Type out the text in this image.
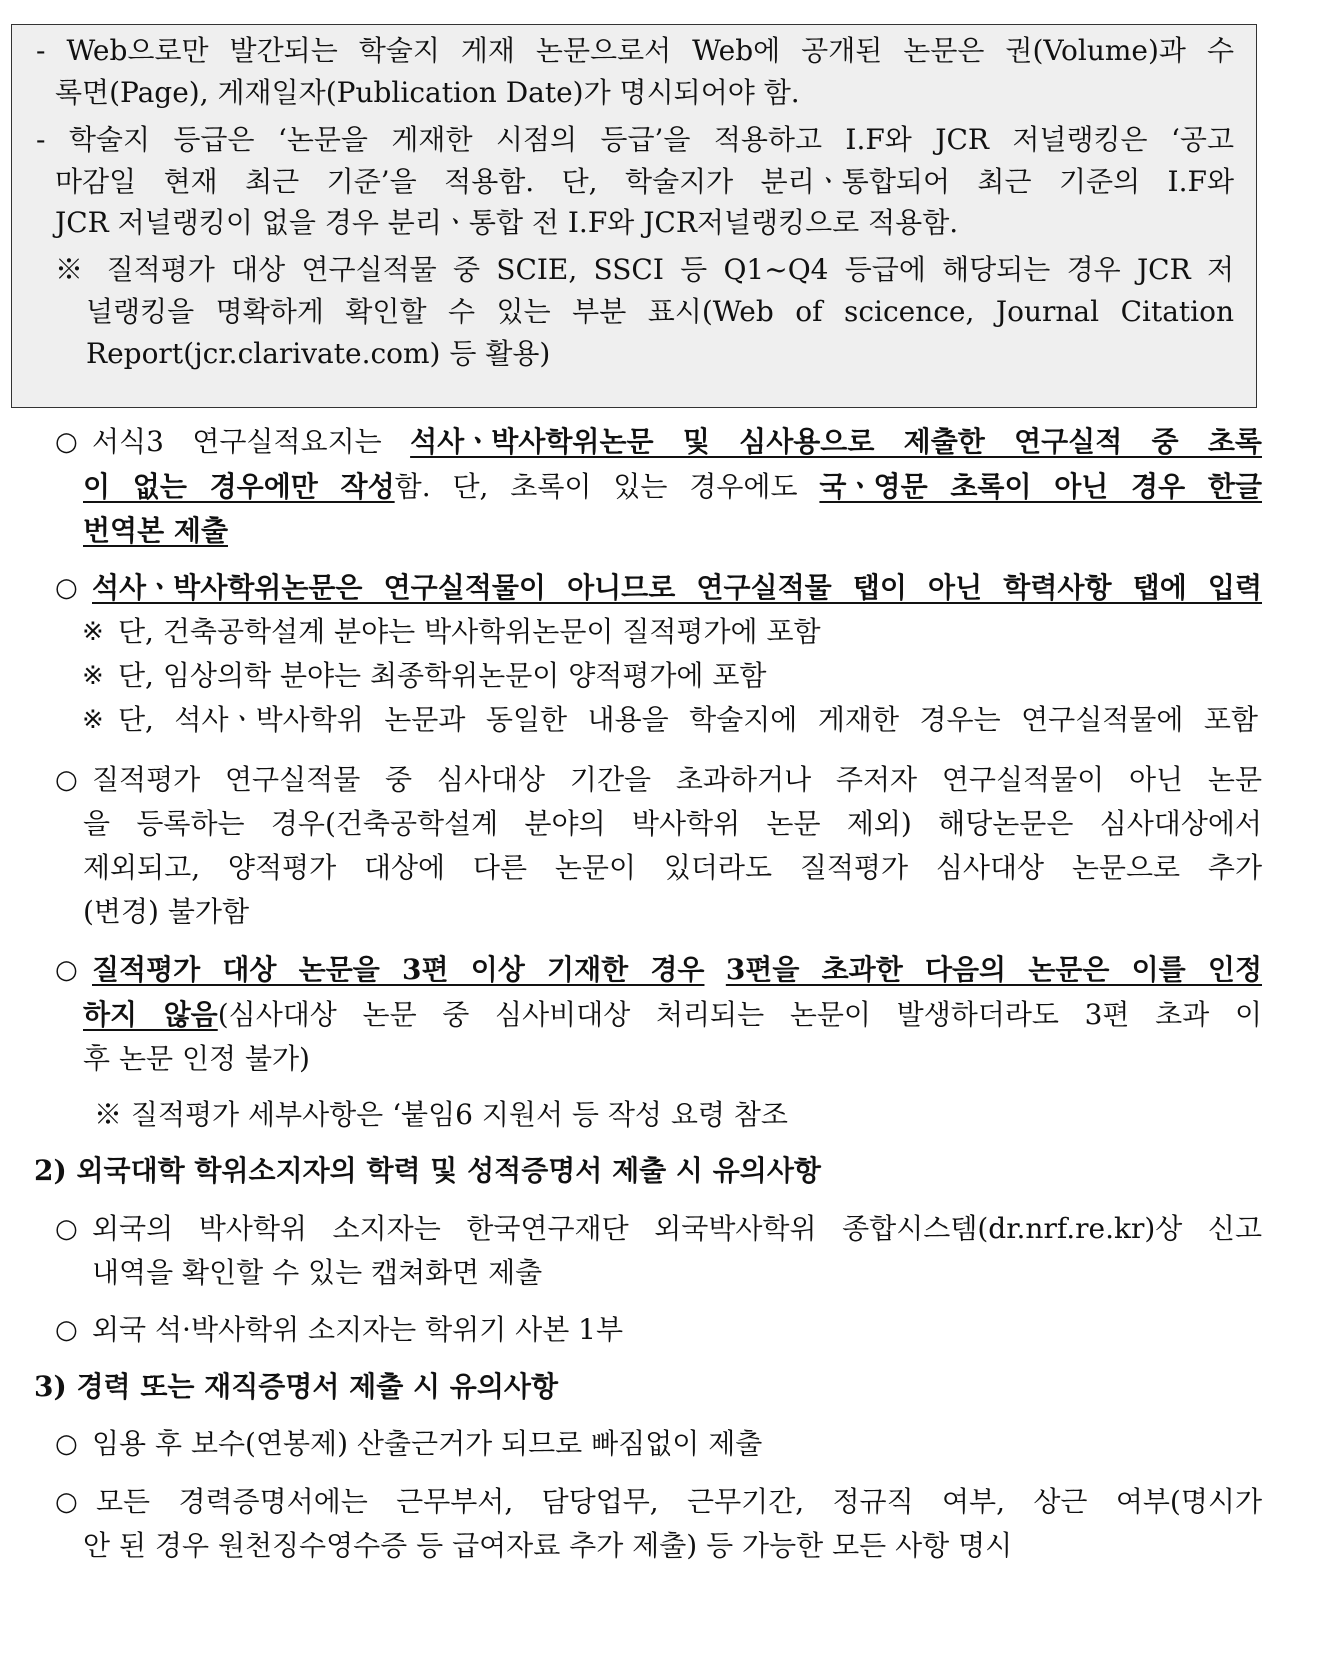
- Web으로만 발간되는 학술지 게재 논문으로서 Web에 공개된 논문은 권(Volume)과 수
록면(Page), 게재일자(Publication Date)가 명시되어야 함.
- 학술지 등급은 ‘논문을 게재한 시점의 등급’을 적용하고 I.F와 JCR 저널랭킹은 ‘공고
마감일 현재 최근 기준’을 적용함. 단, 학술지가 분리ㆍ통합되어 최근 기준의 I.F와
JCR 저널랭킹이 없을 경우 분리ㆍ통합 전 I.F와 JCR저널랭킹으로 적용함.
※ 질적평가 대상 연구실적물 중 SCIE, SSCI 등 Q1~Q4 등급에 해당되는 경우 JCR 저
널랭킹을 명확하게 확인할 수 있는 부분 표시(Web of scicence, Journal Citation
Report(jcr.clarivate.com) 등 활용)
○ 서식3 연구실적요지는 석사ㆍ박사학위논문 및 심사용으로 제출한 연구실적 중 초록
이 없는 경우에만 작성함. 단, 초록이 있는 경우에도 국ㆍ영문 초록이 아닌 경우 한글
번역본 제출
○ 석사ㆍ박사학위논문은 연구실적물이 아니므로 연구실적물 탭이 아닌 학력사항 탭에 입력
※ 단, 건축공학설계 분야는 박사학위논문이 질적평가에 포함
※ 단, 임상의학 분야는 최종학위논문이 양적평가에 포함
※ 단, 석사ㆍ박사학위 논문과 동일한 내용을 학술지에 게재한 경우는 연구실적물에 포함
○ 질적평가 연구실적물 중 심사대상 기간을 초과하거나 주저자 연구실적물이 아닌 논문
을 등록하는 경우(건축공학설계 분야의 박사학위 논문 제외) 해당논문은 심사대상에서
제외되고, 양적평가 대상에 다른 논문이 있더라도 질적평가 심사대상 논문으로 추가
(변경) 불가함
○ 질적평가 대상 논문을 3편 이상 기재한 경우 3편을 초과한 다음의 논문은 이를 인정
하지 않음(심사대상 논문 중 심사비대상 처리되는 논문이 발생하더라도 3편 초과 이
후 논문 인정 불가)
※ 질적평가 세부사항은 ‘붙임6 지원서 등 작성 요령 참조
2) 외국대학 학위소지자의 학력 및 성적증명서 제출 시 유의사항
○ 외국의 박사학위 소지자는 한국연구재단 외국박사학위 종합시스템(dr.nrf.re.kr)상 신고
내역을 확인할 수 있는 캡쳐화면 제출
○ 외국 석·박사학위 소지자는 학위기 사본 1부
3) 경력 또는 재직증명서 제출 시 유의사항
○ 임용 후 보수(연봉제) 산출근거가 되므로 빠짐없이 제출
○ 모든 경력증명서에는 근무부서, 담당업무, 근무기간, 정규직 여부, 상근 여부(명시가
안 된 경우 원천징수영수증 등 급여자료 추가 제출) 등 가능한 모든 사항 명시
